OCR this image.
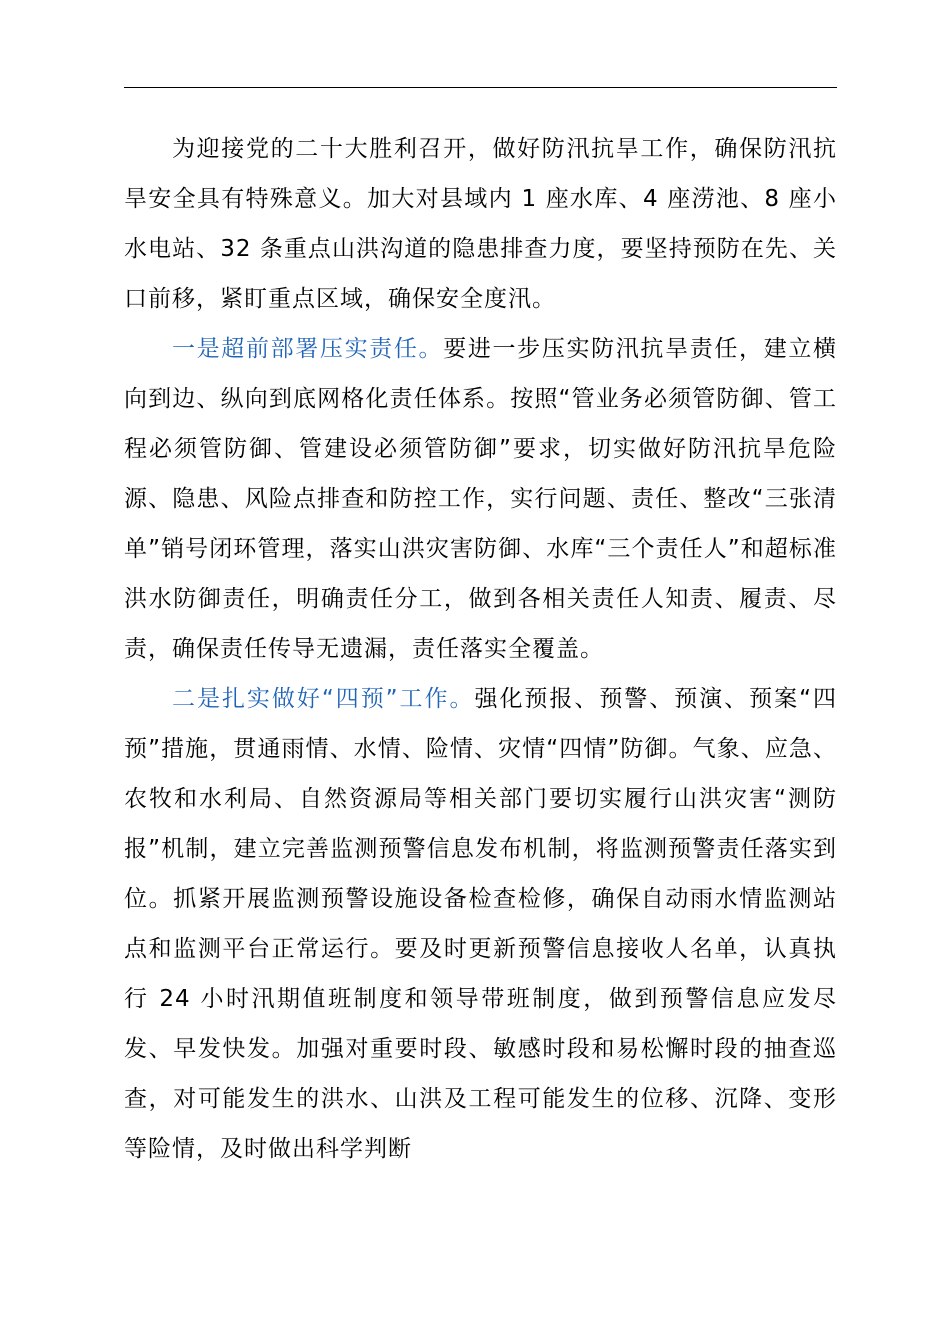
为迎接党的二十大胜利召开，做好防汛抗旱工作，确保防汛抗旱安全具有特殊意义。加大对县域内 1 座水库、4 座涝池、8 座小水电站、32 条重点山洪沟道的隐患排查力度，要坚持预防在先、关口前移，紧盯重点区域，确保安全度汛。

一是超前部署压实责任。要进一步压实防汛抗旱责任，建立横向到边、纵向到底网格化责任体系。按照“管业务必须管防御、管工程必须管防御、管建设必须管防御”要求，切实做好防汛抗旱危险源、隐患、风险点排查和防控工作，实行问题、责任、整改“三张清单”销号闭环管理，落实山洪灾害防御、水库“三个责任人”和超标准洪水防御责任，明确责任分工，做到各相关责任人知责、履责、尽责，确保责任传导无遗漏，责任落实全覆盖。

二是扎实做好“四预”工作。强化预报、预警、预演、预案“四预”措施，贯通雨情、水情、险情、灾情“四情”防御。气象、应急、农牧和水利局、自然资源局等相关部门要切实履行山洪灾害“测防报”机制，建立完善监测预警信息发布机制，将监测预警责任落实到位。抓紧开展监测预警设施设备检查检修，确保自动雨水情监测站点和监测平台正常运行。要及时更新预警信息接收人名单，认真执行 24 小时汛期值班制度和领导带班制度，做到预警信息应发尽发、早发快发。加强对重要时段、敏感时段和易松懈时段的抽查巡查，对可能发生的洪水、山洪及工程可能发生的位移、沉降、变形等险情，及时做出科学判断
